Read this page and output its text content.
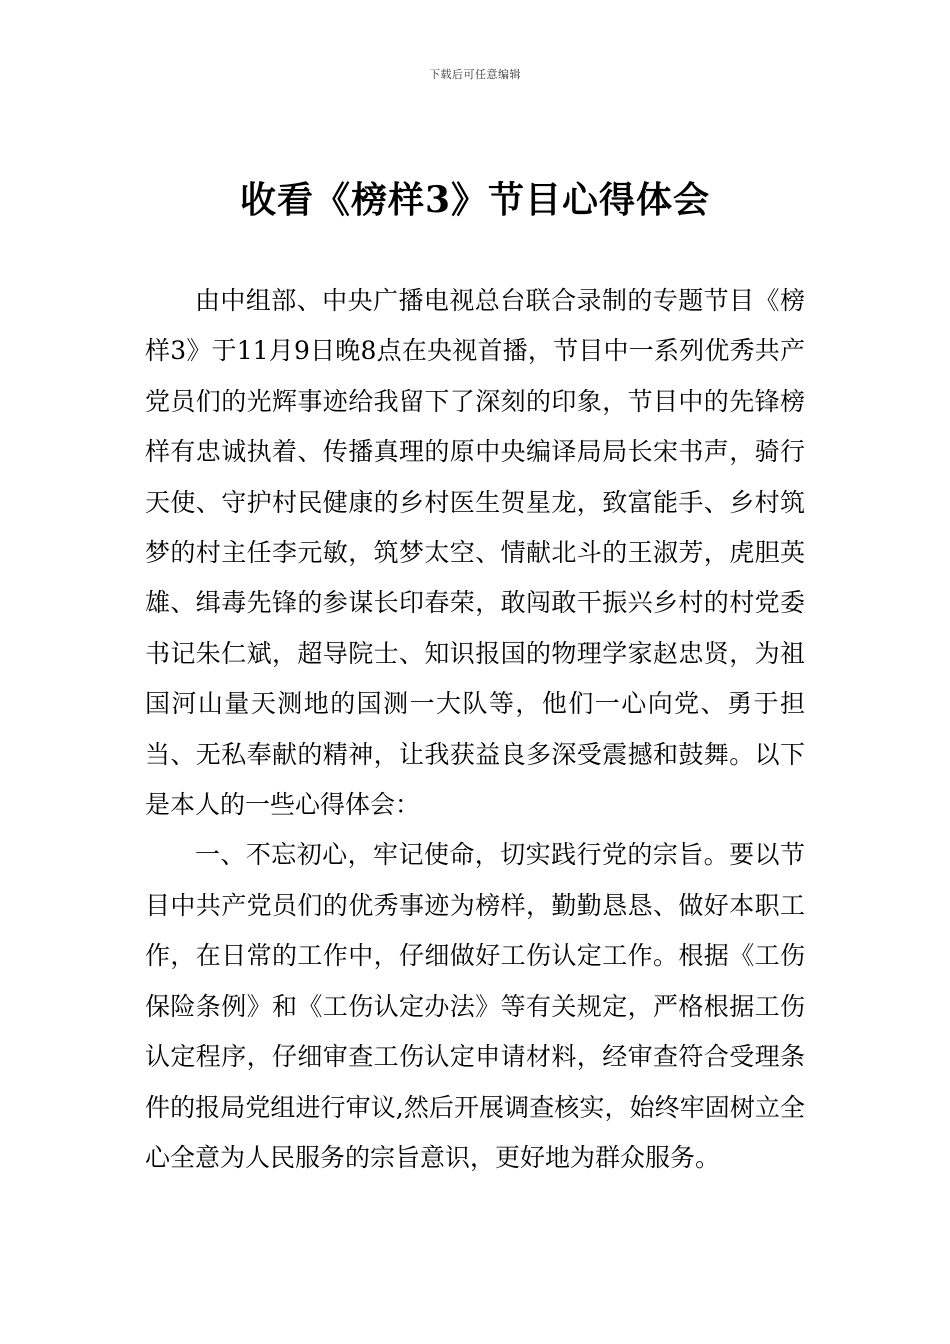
下载后可任意编辑
收看《榜样3》节目心得体会

由中组部、中央广播电视总台联合录制的专题节目《榜样3》于11月9日晚8点在央视首播，节目中一系列优秀共产党员们的光辉事迹给我留下了深刻的印象，节目中的先锋榜样有忠诚执着、传播真理的原中央编译局局长宋书声，骑行天使、守护村民健康的乡村医生贺星龙，致富能手、乡村筑梦的村主任李元敏，筑梦太空、情献北斗的王淑芳，虎胆英雄、缉毒先锋的参谋长印春荣，敢闯敢干振兴乡村的村党委书记朱仁斌，超导院士、知识报国的物理学家赵忠贤，为祖国河山量天测地的国测一大队等，他们一心向党、勇于担当、无私奉献的精神，让我获益良多深受震撼和鼓舞。以下是本人的一些心得体会：

一、不忘初心，牢记使命，切实践行党的宗旨。要以节目中共产党员们的优秀事迹为榜样，勤勤恳恳、做好本职工作，在日常的工作中，仔细做好工伤认定工作。根据《工伤保险条例》和《工伤认定办法》等有关规定，严格根据工伤认定程序，仔细审查工伤认定申请材料，经审查符合受理条件的报局党组进行审议,然后开展调查核实，始终牢固树立全心全意为人民服务的宗旨意识，更好地为群众服务。
